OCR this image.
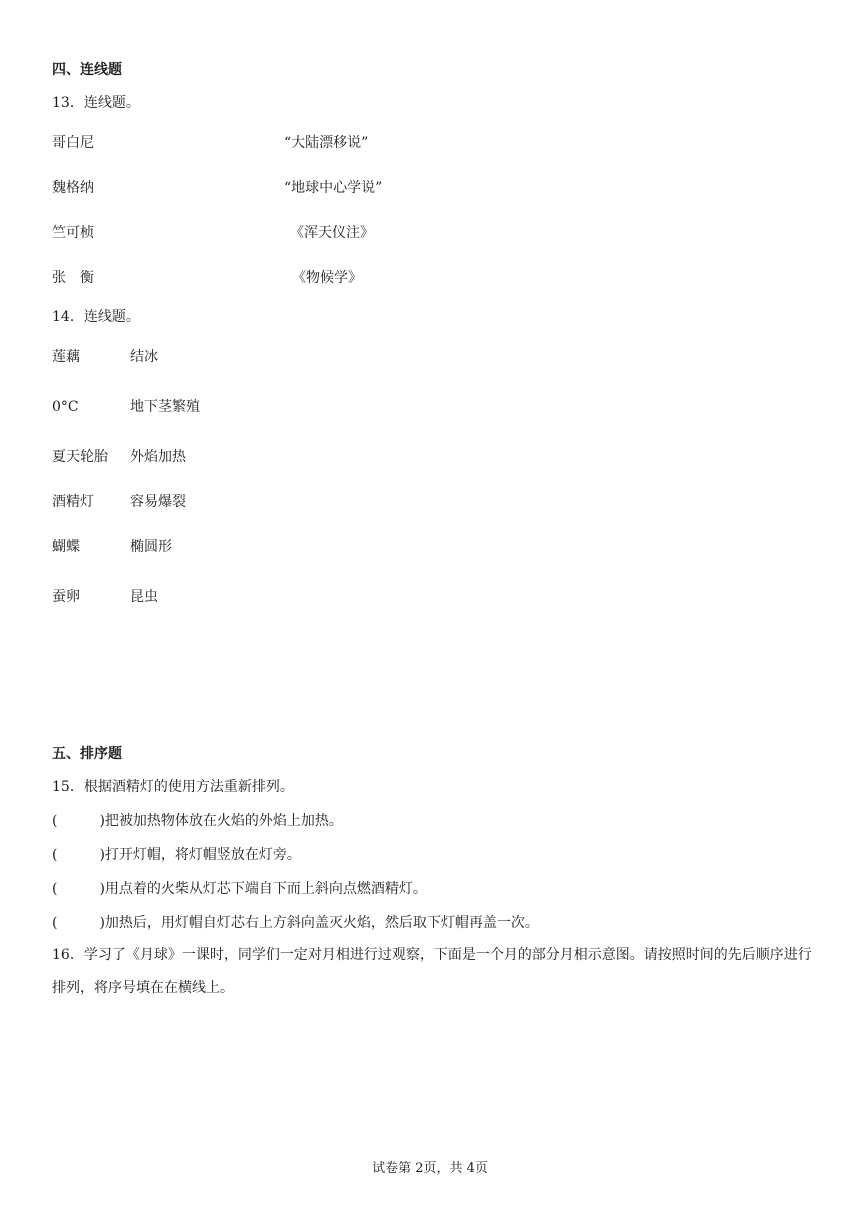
四、连线题
13．连线题。
哥白尼
魏格纳
竺可桢
张　衡
“大陆漂移说”
“地球中心学说”
《浑天仪注》
《物候学》
14．连线题。
莲藕
0°C
夏天轮胎
酒精灯
蝴蝶
蚕卵
结冰
地下茎繁殖
外焰加热
容易爆裂
椭圆形
昆虫
五、排序题
15．根据酒精灯的使用方法重新排列。
(　　　)把被加热物体放在火焰的外焰上加热。
(　　　)打开灯帽，将灯帽竖放在灯旁。
(　　　)用点着的火柴从灯芯下端自下而上斜向点燃酒精灯。
(　　　)加热后，用灯帽自灯芯右上方斜向盖灭火焰，然后取下灯帽再盖一次。
16．学习了《月球》一课时，同学们一定对月相进行过观察，下面是一个月的部分月相示意图。请按照时间的先后顺序进行排列，将序号填在在横线上。
试卷第 2页，共 4页
